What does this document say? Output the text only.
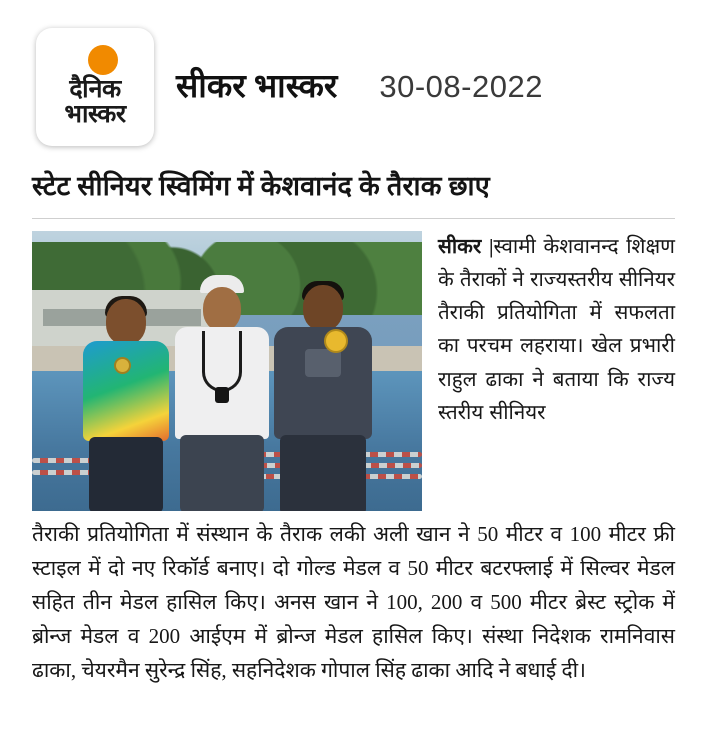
दैनिक
भास्कर
सीकर भास्कर 30-08-2022
स्टेट सीनियर स्विमिंग में केशवानंद के तैराक छाए
सीकर |स्वामी केशवानन्द शिक्षण के तैराकों ने राज्यस्तरीय सीनियर तैराकी प्रतियोगिता में सफलता का परचम लहराया। खेल प्रभारी राहुल ढाका ने बताया कि राज्य स्तरीय सीनियर
तैराकी प्रतियोगिता में संस्थान के तैराक लकी अली खान ने 50 मीटर व 100 मीटर फ्री स्टाइल में दो नए रिकॉर्ड बनाए। दो गोल्ड मेडल व 50 मीटर बटरफ्लाई में सिल्वर मेडल सहित तीन मेडल हासिल किए। अनस खान ने 100, 200 व 500 मीटर ब्रेस्ट स्ट्रोक में ब्रोन्ज मेडल व 200 आईएम में ब्रोन्ज मेडल हासिल किए। संस्था निदेशक रामनिवास ढाका, चेयरमैन सुरेन्द्र सिंह, सहनिदेशक गोपाल सिंह ढाका आदि ने बधाई दी।
